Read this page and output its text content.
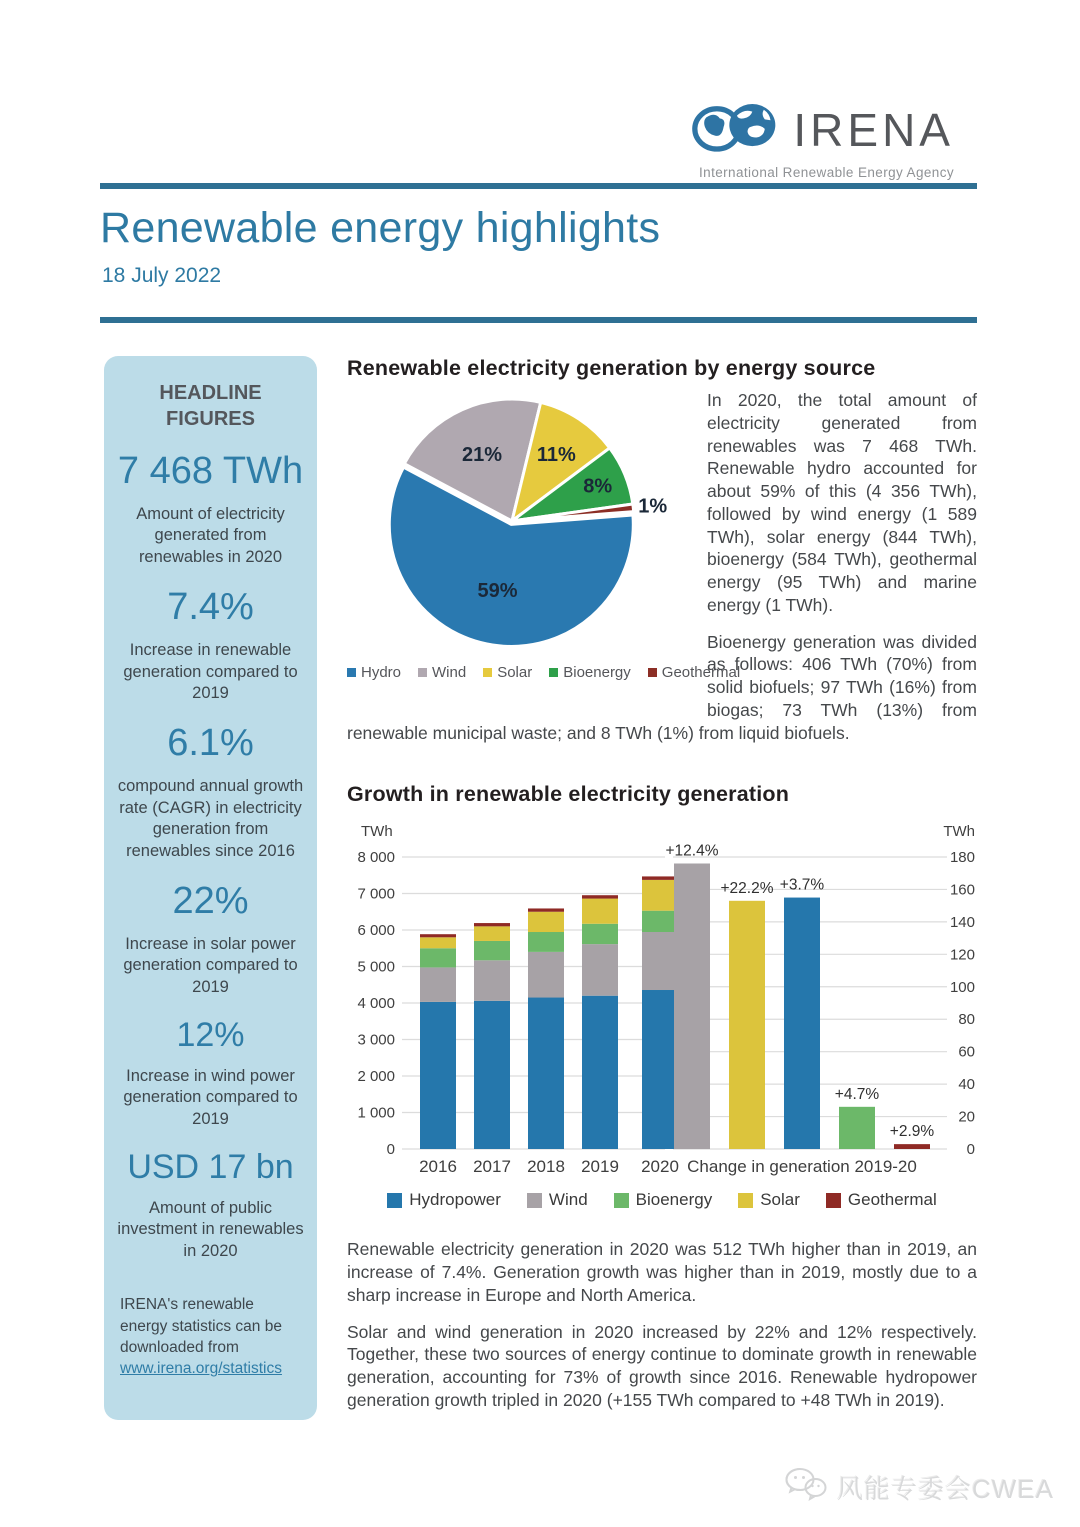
IRENA
International Renewable Energy Agency
Renewable energy highlights
18 July 2022
HEADLINE FIGURES
7 468 TWh
Amount of electricity generated from renewables in 2020
7.4%
Increase in renewable generation compared to 2019
6.1%
compound annual growth rate (CAGR) in electricity generation from renewables since 2016
22%
Increase in solar power generation compared to 2019
12%
Increase in wind power generation compared to 2019
USD 17 bn
Amount of public investment in renewables in 2020
IRENA's renewable energy statistics can be downloaded from www.irena.org/statistics
Renewable electricity generation by energy source
21% 11%
8%
1%
59%
Hydro	Wind	Solar	Bioenergy	Geothermal

In 2020, the total amount of electricity generated from renewables was 7 468 TWh. Renewable hydro accounted for about 59% of this (4 356 TWh), followed by wind energy (1 589 TWh), solar energy (844 TWh), bioenergy (584 TWh), geothermal energy (95 TWh) and marine energy (1 TWh).

Bioenergy generation was divided as follows: 406 TWh (70%) from solid biofuels; 97 TWh (16%) from biogas; 73 TWh (13%) from renewable municipal waste; and 8 TWh (1%) from liquid biofuels.

Growth in renewable electricity generation
0
1 000
2 000
3 000
4 000
5 000
6 000
7 000
8 000
0
20
40
60
80
100
120
140
160
180
TWh	TWh
2016 2017 2018 2019 2020
+12.4%
+22.2% +3.7%
+4.7%
+2.9%
Change in generation 2019-20
Hydropower	Wind	Bioenergy	Solar	Geothermal

Renewable electricity generation in 2020 was 512 TWh higher than in 2019, an increase of 7.4%. Generation growth was higher than in 2019, mostly due to a sharp increase in Europe and North America.

Solar and wind generation in 2020 increased by 22% and 12% respectively. Together, these two sources of energy continue to dominate growth in renewable generation, accounting for 73% of growth since 2016. Renewable hydropower generation growth tripled in 2020 (+155 TWh compared to +48 TWh in 2019).

风能专委会CWEA
